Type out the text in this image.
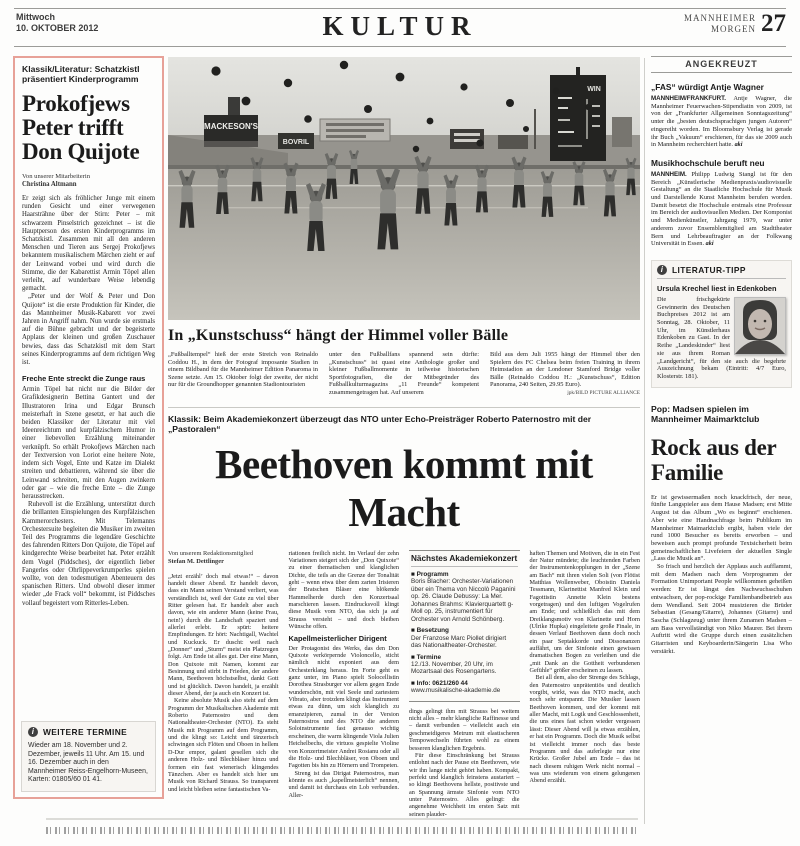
Mittwoch
10. OKTOBER 2012	KULTUR	MANNHEIMER
MORGEN 27
Klassik/Literatur: Schatzkistl präsentiert Kinderprogramm
Prokofjews Peter trifft Don Quijote
Von unserer Mitarbeiterin
Christina Altmann

Er zeigt sich als fröhlicher Junge mit einem runden Gesicht und einer verwegenen Haarsträhne über der Stirn: Peter – mit schwarzem Pinselstrich gezeichnet – ist die Hauptperson des ersten Kinderprogramms im Schatzkistl. Zusammen mit all den anderen Menschen und Tieren aus Sergej Prokofjews bekanntem musikalischem Märchen zieht er auf der Leinwand vorbei und wird durch die Stimme, die der Kabarettist Armin Töpel allen verleiht, auf wunderbare Weise lebendig gemacht.

„Peter und der Wolf & Peter und Don Quijote“ ist die erste Produktion für Kinder, die das Mannheimer Musik-Kabarett vor zwei Jahren in Angriff nahm. Nun wurde sie erstmals auf die Bühne gebracht und der begeisterte Applaus der kleinen und großen Zuschauer bewies, dass das Schatzkistl mit dem Start seines Kinderprogramms auf dem richtigen Weg ist.

Freche Ente streckt die Zunge raus

Armin Töpel hat nicht nur die Bilder der Grafikdesignerin Bettina Gantert und der Illustratoren Irina und Edgar Brunsch meisterhaft in Szene gesetzt, er hat auch die beiden Klassiker der Literatur mit viel Ideenreichtum und kurpfälzischem Humor in einer liebevollen Erzählung miteinander verknüpft. So erhält Prokofjews Märchen nach der Textversion von Loriot eine heitere Note, indem sich Vogel, Ente und Katze im Dialekt streiten und debattieren, während sie über die Leinwand schreiten, mit den Augen zwinkern oder gar – wie die freche Ente – die Zunge herausstrecken.

Ruhevoll ist die Erzählung, unterstützt durch die brillanten Einspielungen des Kurpfälzischen Kammerorchesters. Mit Telemanns Orchestersuite begleiten die Musiker im zweiten Teil des Programms die legendäre Geschichte des fahrenden Ritters Don Quijote, die Töpel auf kindgerechte Weise bearbeitet hat. Peter erzählt dem Vogel (Piddsches), der eigentlich lieber Fangerles oder Ohrlippeverkrumperles spielen wollte, von den todesmutigen Abenteuern des spanischen Ritters. Und obwohl dieser immer wieder „de Frack voll“ bekommt, ist Piddsches vollauf begeistert vom Ritterles-Leben.

i	WEITERE TERMINE
Wieder am 18. November und 2. Dezember, jeweils 11 Uhr. Am 15. und 16. Dezember auch in den Mannheimer Reiss-Engelhorn-Museen, Karten: 01805/60 01 41.
MACKESON'S
BOVRIL
WIN
In „Kunstschuss“ hängt der Himmel voller Bälle
„Fußballtempel“ hieß der erste Streich von Reinaldo Coddou H., in dem der Fotograf imposante Stadien in einem Bildband für die Mannheimer Edition Panaroma in Szene setzte. Am 15. Oktober folgt der zweite, der nicht nur für die Groundhopper genannten Stadiontouristen
unter den Fußballfans spannend sein dürfte: „Kunstschuss“ ist quasi eine Anthologie großer und kleiner Fußballmomente in teilweise historischen Sportfotografien, die der Mitbegründer des Fußballkulturmagazins „11 Freunde“ kompetent zusammengetragen hat. Auf unserem
Bild aus dem Juli 1955 hängt der Himmel über den Spielern des FC Chelsea beim freien Training in ihrem Heimstadion an der Londoner Stamford Bridge voller Bälle (Reinaldo Coddou H.: „Kunstschuss“, Edition Panorama, 240 Seiten, 29.95 Euro).
jpk/BILD PICTURE ALLIANCE
Klassik: Beim Akademiekonzert überzeugt das NTO unter Echo-Preisträger Roberto Paternostro mit der „Pastoralen“
Beethoven kommt mit Macht
Von unserem Redaktionsmitglied
Stefan M. Dettlinger

„Jetzt erzähl’ doch mal etwas!“ – davon handelt dieser Abend. Er handelt davon, dass ein Mann seinen Verstand verliert, was verständlich ist, weil der Gute zu viel über Ritter gelesen hat. Er handelt aber auch davon, wie ein anderer Mann (keine Frau, nein!) durch die Landschaft spaziert und allerlei erlebt. Er spürt: heitere Empfindungen. Er hört: Nachtigall, Wachtel und Kuckuck. Er duscht: weil nach „Donner“ und „Sturm“ meist ein Platzregen folgt. Am Ende ist alles gut. Der eine Mann, Don Quixote mit Namen, kommt zur Besinnung und stirbt in Frieden, der andere Mann, Beethoven höchstselbst, dankt Gott und ist glücklich. Davon handelt, ja erzählt dieser Abend, der ja auch ein Konzert ist.

Keine absolute Musik also steht auf dem Programm der Musikalischen Akademie mit Roberto Paternostro und dem Nationaltheater-Orchester (NTO). Es steht Musik mit Programm auf dem Programm, und die klingt so: Leicht und tänzerisch schwingen sich Flöten und Oboen in hellem D-Dur empor, galant gesellen sich die anderen Holz- und Blechbläser hinzu und formen ein fast wienerisch klingendes Tänzchen. Aber es handelt sich hier um Musik von Richard Strauss. So transparent und leicht bleiben seine fantastischen Va-

riationen freilich nicht. Im Verlauf der zehn Variationen steigert sich der „Don Quixote“ zu einer thematischen und klanglichen Dichte, die teils an die Grenze der Tonalität geht – wenn etwa über dem zarten Irisieren der Bratschen Bläser eine blökende Hammelherde durch den Konzertsaal marschieren lassen. Eindrucksvoll klingt diese Musik vom NTO, das sich ja auf Strauss versteht – und doch bleiben Wünsche offen.

Kapellmeisterlicher Dirigent

Der Protagonist des Werks, das den Don Quixote verkörpernde Violoncello, sticht nämlich nicht exponiert aus dem Orchesterklang heraus. Im Forte geht es ganz unter, im Piano spielt Solocellistin Dorothea Strasburger vor allem gegen Ende wunderschön, mit viel Seele und zartestem Vibrato, aber trotzdem klingt das Instrument etwas zu dünn, um sich klanglich zu emanzipieren, zumal in der Version Paternostros und des NTO die anderen Soloinstrumente fast genauso wichtig erscheinen, die warm klingende Viola Julien Heichelbechs, die virtuos gespielte Violine von Konzertmeister Andrei Rosianu oder all die Holz- und Blechbläser, von Oboen und Fagotten bis hin zu Hörnern und Trompeten.

Streng ist das Dirigat Paternostros, man könnte es auch „kapellmeisterlich“ nennen, und damit ist durchaus ein Lob verbunden. Aller-

Nächstes Akademiekonzert
■ Programm
Boris Blacher: Orchester-Variationen über ein Thema von Niccolò Paganini op. 26. Claude Debussy: La Mer. Johannes Brahms: Klavierquartett g-Moll op. 25, instrumentiert für Orchester von Arnold Schönberg.
■ Besetzung
Der Franzose Marc Piollet dirigiert das Nationaltheater-Orchester.
■ Termine
12./13. November, 20 Uhr, im Mozartsaal des Rosengartens.
■ Info: 0621/260 44
www.musikalische-akademie.de

dings gelingt ihm mit Strauss bei weitem nicht alles – mehr klangliche Raffinesse und – damit verbunden – vielleicht auch ein geschmeidigeres Metrum mit elastischeren Tempowechseln führten wohl zu einem besseren klanglichen Ergebnis.

Für diese Einschränkung bei Strauss entlohnt nach der Pause ein Beethoven, wie wir ihn lange nicht gehört haben. Kompakt, perfekt und klanglich feinstens austariert – so klingt Beethovens hellste, positivste und an Spannung ärmste Sinfonie vom NTO unter Paternostro. Alles gelingt: die angenehme Weichheit im ersten Satz mit seinen plauder-

haften Themen und Motiven, die in ein Fest der Natur mündete; die leuchtenden Farben der Instrumentenkopplungen in der „Szene am Bach“ mit ihren vielen Soli (von Flötist Matthias Wollenweber, Oboistin Daniela Tessmann, Klarinettist Manfred Klein und Fagottistin Annette Klein bestens vorgetragen) und den luftigen Vogelrufen am Ende; und schließlich das mit dem Dreiklangsmotiv von Klarinette und Horn (Ulrike Hupka) eingeleitete große Finale, in dessen Verlauf Beethoven dann doch noch ein paar Septakkorde und Dissonanzen auffährt, um der Sinfonie einen gewissen dramatischen Bogen zu verleihen und die „mit Dank an die Gottheit verbundenen Gefühle“ größer erscheinen zu lassen.

Bei all dem, also der Strenge des Schlags, den Paternostro unprätentiös und deutlich vorgibt, wirkt, was das NTO macht, auch noch sehr entspannt. Die Musiker lassen Beethoven kommen, und der kommt mit aller Macht, mit Logik und Geschlossenheit, die uns eines fast schon wieder vergessen lässt: Dieser Abend will ja etwas erzählen, er hat ein Programm. Doch die Musik selbst ist vielleicht immer noch das beste Programm und das auferlegte nur eine Krücke. Großer Jubel am Ende – das ist nach diesem ruhigen Werk nicht normal – was uns wiederum von einem gelungenen Abend erzählt.

ANGEKREUZT
„FAS“ würdigt Antje Wagner

MANNHEIM/FRANKFURT. Antje Wagner, die Mannheimer Feuerwachen-Stipendiatin von 2009, ist von der „Frankfurter Allgemeinen Sonntagszeitung“ unter die „besten deutschsprachigen jungen Autoren“ eingereiht worden. Im Bloomsbury Verlag ist gerade ihr Buch „Vakuum“ erschienen, für das sie 2009 auch in Mannheim recherchiert hatte. aki

Musikhochschule beruft neu

MANNHEIM. Philipp Ludwig Stangl ist für den Bereich „Künstlerische Medienpraxis/audiovisuelle Gestaltung“ an die Staatliche Hochschule für Musik und Darstellende Kunst Mannheim berufen worden. Damit besetzt die Hochschule erstmals eine Professur im Bereich der audiovisuellen Medien. Der Komponist und Medienkünstler, Jahrgang 1979, war unter anderem zuvor Ensemblemitglied am Stadttheater Bern und Lehrbeauftragter an der Folkwang Universität in Essen. aki

i	LITERATUR-TIPP
Ursula Krechel liest in Edenkoben
Die frischgekürte Gewinnerin des Deutschen Buchpreises 2012 ist am Sonntag, 28. Oktober, 11 Uhr, im Künstlerhaus Edenkoben zu Gast. In der Reihe „Landeskinder“ liest sie aus ihrem Roman „Landgericht“, für den sie auch die begehrte Auszeichnung bekam (Eintritt: 4/7 Euro, Klosterstr. 181).
Pop: Madsen spielen im Mannheimer Maimarktclub
Rock aus der Familie

Er ist gewissermaßen noch knackfrisch, der neue, fünfte Langspieler aus dem Hause Madsen; erst Mitte August ist das Album „Wo es beginnt“ erschienen. Aber wie eine Handnachfrage beim Publikum im Mannheimer Maimarktclub ergibt, haben viele der rund 1000 Besucher es bereits erworben – und beweisen auch prompt profunde Textsicherheit beim gemeinschaftlichen Livefeiern der aktuellen Single „Lass die Musik an“.

So frisch und herzlich der Applaus auch aufflammt, mit dem Madsen nach dem Vorprogramm der Formation Unimportant People willkommen geheißen werden: Er ist längst den Nachwuchsschuhen entwachsen, der pop-rockige Familienbandbetrieb aus dem Wendland. Seit 2004 musizieren die Brüder Sebastian (Gesang/Gitarre), Johannes (Gitarre) und Sascha (Schlagzeug) unter ihrem Zunamen Madsen – am Bass vervollständigt von Niko Maurer. Bei ihrem Auftritt wird die Gruppe durch einen zusätzlichen Gitarristen und Keyboarderin/Sängerin Lisa Who verstärkt.
